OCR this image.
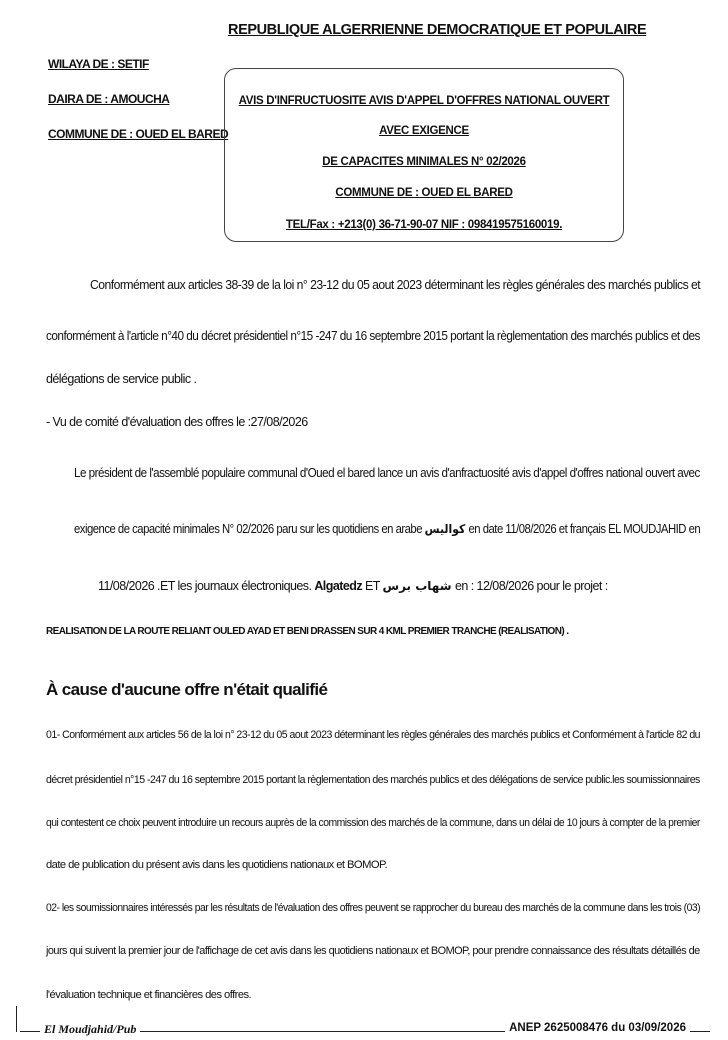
REPUBLIQUE ALGERRIENNE DEMOCRATIQUE ET POPULAIRE
WILAYA DE : SETIF
DAIRA DE : AMOUCHA
COMMUNE DE : OUED EL BARED
AVIS D'INFRUCTUOSITE AVIS D'APPEL D'OFFRES NATIONAL OUVERT
AVEC EXIGENCE
DE CAPACITES MINIMALES N° 02/2026
COMMUNE DE : OUED EL BARED
TEL/Fax : +213(0) 36-71-90-07 NIF : 098419575160019.
Conformément aux articles 38-39 de la loi n° 23-12 du 05 aout 2023 déterminant les règles générales des marchés publics et
conformément à l'article n°40 du décret présidentiel n°15 -247 du 16 septembre 2015 portant la règlementation des marchés publics et des
délégations de service public .
- Vu de comité d'évaluation des offres le :27/08/2026
Le président de l'assemblé populaire communal d'Oued el bared lance un avis d'anfractuosité avis d'appel d'offres national ouvert avec
exigence de capacité minimales N° 02/2026 paru sur les quotidiens en arabe كواليس en date 11/08/2026 et français EL MOUDJAHID en
11/08/2026 .ET les journaux électroniques. Algatedz ET شهاب برس en : 12/08/2026 pour le projet :
REALISATION DE LA ROUTE RELIANT OULED AYAD ET BENI DRASSEN SUR 4 KML PREMIER TRANCHE (REALISATION) .
À cause d'aucune offre n'était qualifié
01- Conformément aux articles 56 de la loi n° 23-12 du 05 aout 2023 déterminant les règles générales des marchés publics et Conformément à l'article 82 du
décret présidentiel n°15 -247 du 16 septembre 2015 portant la règlementation des marchés publics et des délégations de service public.les soumissionnaires
qui contestent ce choix peuvent introduire un recours auprès de la commission des marchés de la commune, dans un délai de 10 jours à compter de la premier
date de publication du présent avis dans les quotidiens nationaux et BOMOP.
02- les soumissionnaires intéressés par les résultats de l'évaluation des offres peuvent se rapprocher du bureau des marchés de la commune dans les trois (03)
jours qui suivent la premier jour de l'affichage de cet avis dans les quotidiens nationaux et BOMOP, pour prendre connaissance des résultats détaillés de
l'évaluation technique et financières des offres.
El Moudjahid/Pub	ANEP 2625008476 du 03/09/2026
